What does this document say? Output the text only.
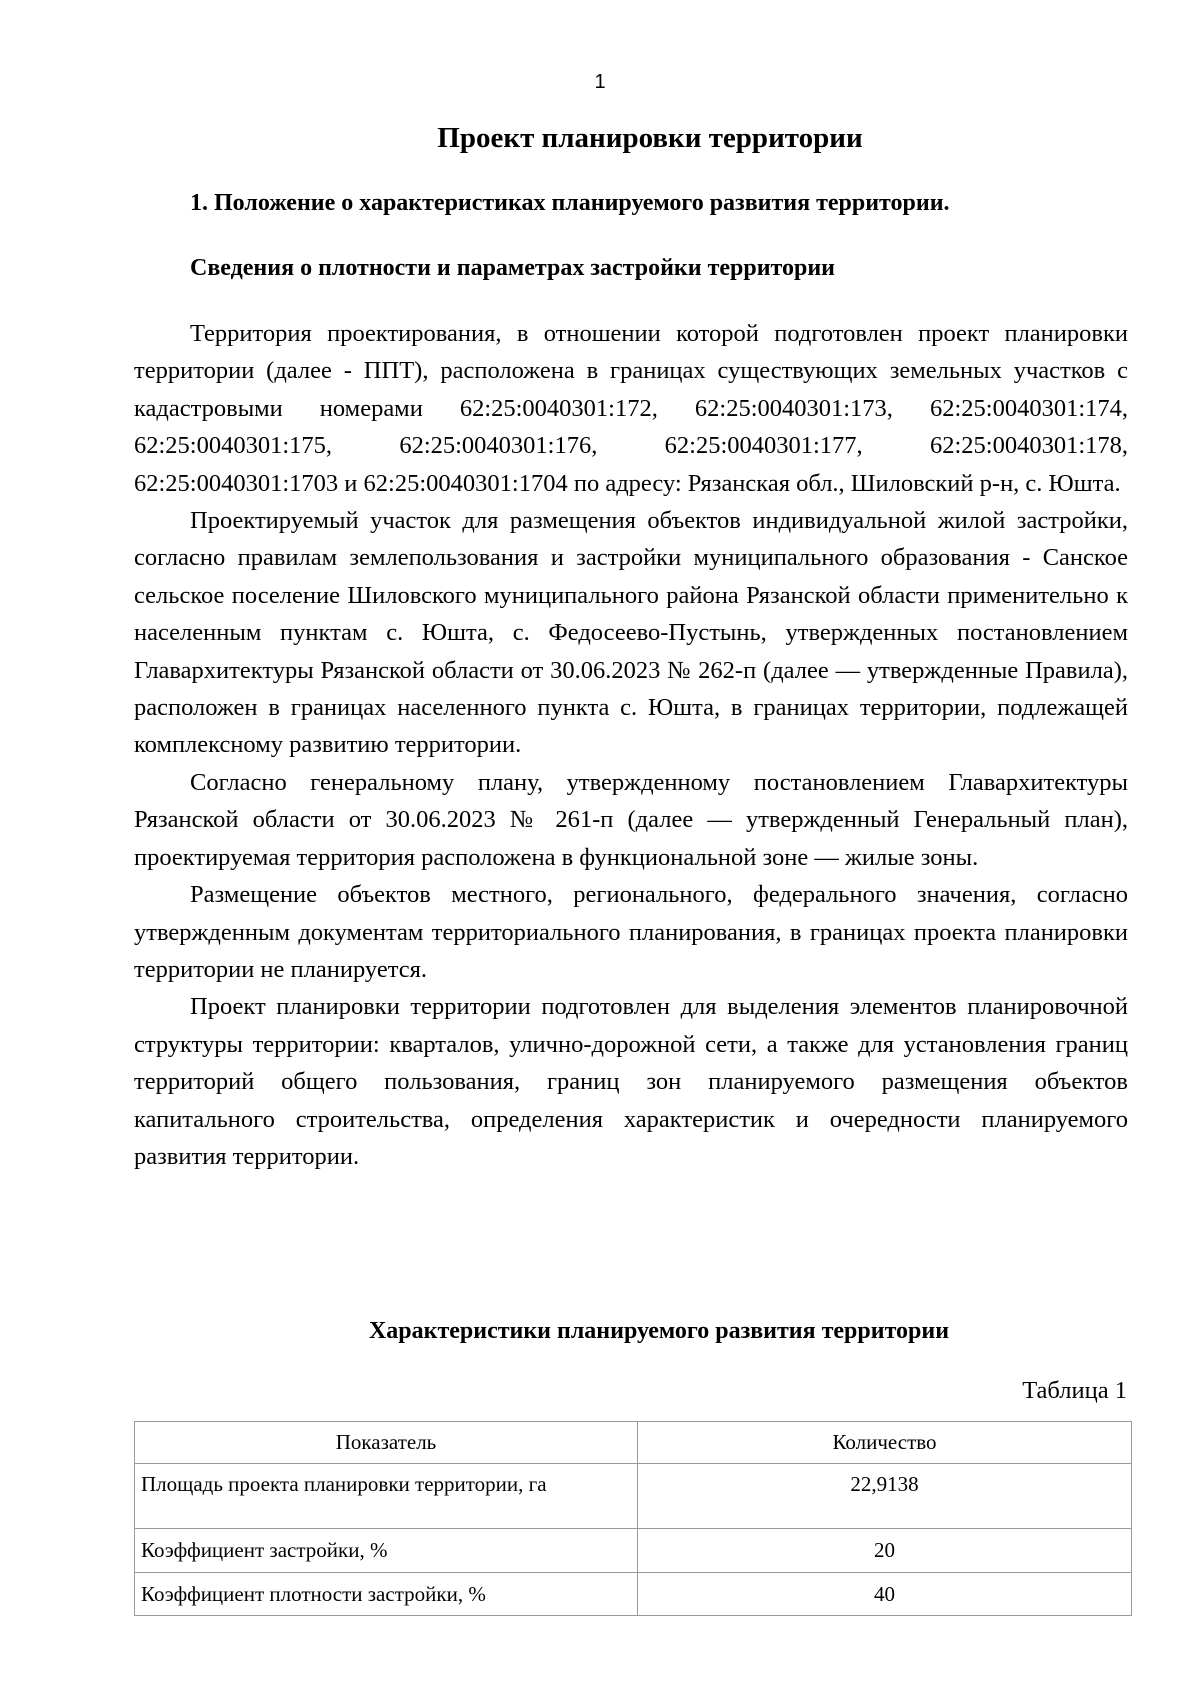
1
Проект планировки территории
1. Положение о характеристиках планируемого развития территории.
Сведения о плотности и параметрах застройки территории

Территория проектирования, в отношении которой подготовлен проект планировки территории (далее - ППТ), расположена в границах существующих земельных участков с кадастровыми номерами 62:25:0040301:172, 62:25:0040301:173, 62:25:0040301:174, 62:25:0040301:175, 62:25:0040301:176, 62:25:0040301:177, 62:25:0040301:178, 62:25:0040301:1703 и 62:25:0040301:1704 по адресу: Рязанская обл., Шиловский р-н, с. Юшта.

Проектируемый участок для размещения объектов индивидуальной жилой застройки, согласно правилам землепользования и застройки муниципального образования - Санское сельское поселение Шиловского муниципального района Рязанской области применительно к населенным пунктам с. Юшта, с. Федосеево-Пустынь, утвержденных постановлением Главархитектуры Рязанской области от 30.06.2023 № 262-п (далее — утвержденные Правила), расположен в границах населенного пункта с. Юшта, в границах территории, подлежащей комплексному развитию территории.

Согласно генеральному плану, утвержденному постановлением Главархитектуры Рязанской области от 30.06.2023 № 261-п (далее — утвержденный Генеральный план), проектируемая территория расположена в функциональной зоне — жилые зоны.

Размещение объектов местного, регионального, федерального значения, согласно утвержденным документам территориального планирования, в границах проекта планировки территории не планируется.

Проект планировки территории подготовлен для выделения элементов планировочной структуры территории: кварталов, улично-дорожной сети, а также для установления границ территорий общего пользования, границ зон планируемого размещения объектов капитального строительства, определения характеристик и очередности планируемого развития территории.

Характеристики планируемого развития территории
Таблица 1
Показатель	Количество
Площадь проекта планировки территории, га	22,9138
Коэффициент застройки, %	20
Коэффициент плотности застройки, %	40
